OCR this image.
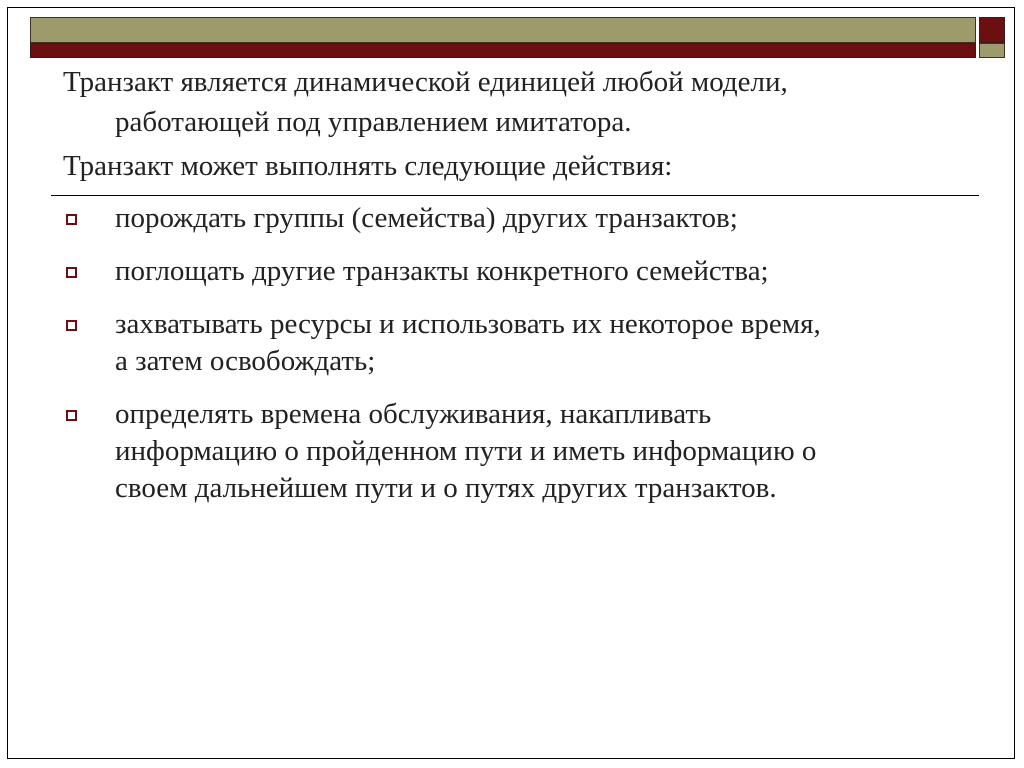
Транзакт является динамической единицей любой модели,

работающей под управлением имитатора.

Транзакт может выполнять следующие действия:

порождать группы (семейства) других транзактов;
поглощать другие транзакты конкретного семейства;
захватывать ресурсы и использовать их некоторое время,
а затем освобождать;
определять времена обслуживания, накапливать
информацию о пройденном пути и иметь информацию о
своем дальнейшем пути и о путях других транзактов.
